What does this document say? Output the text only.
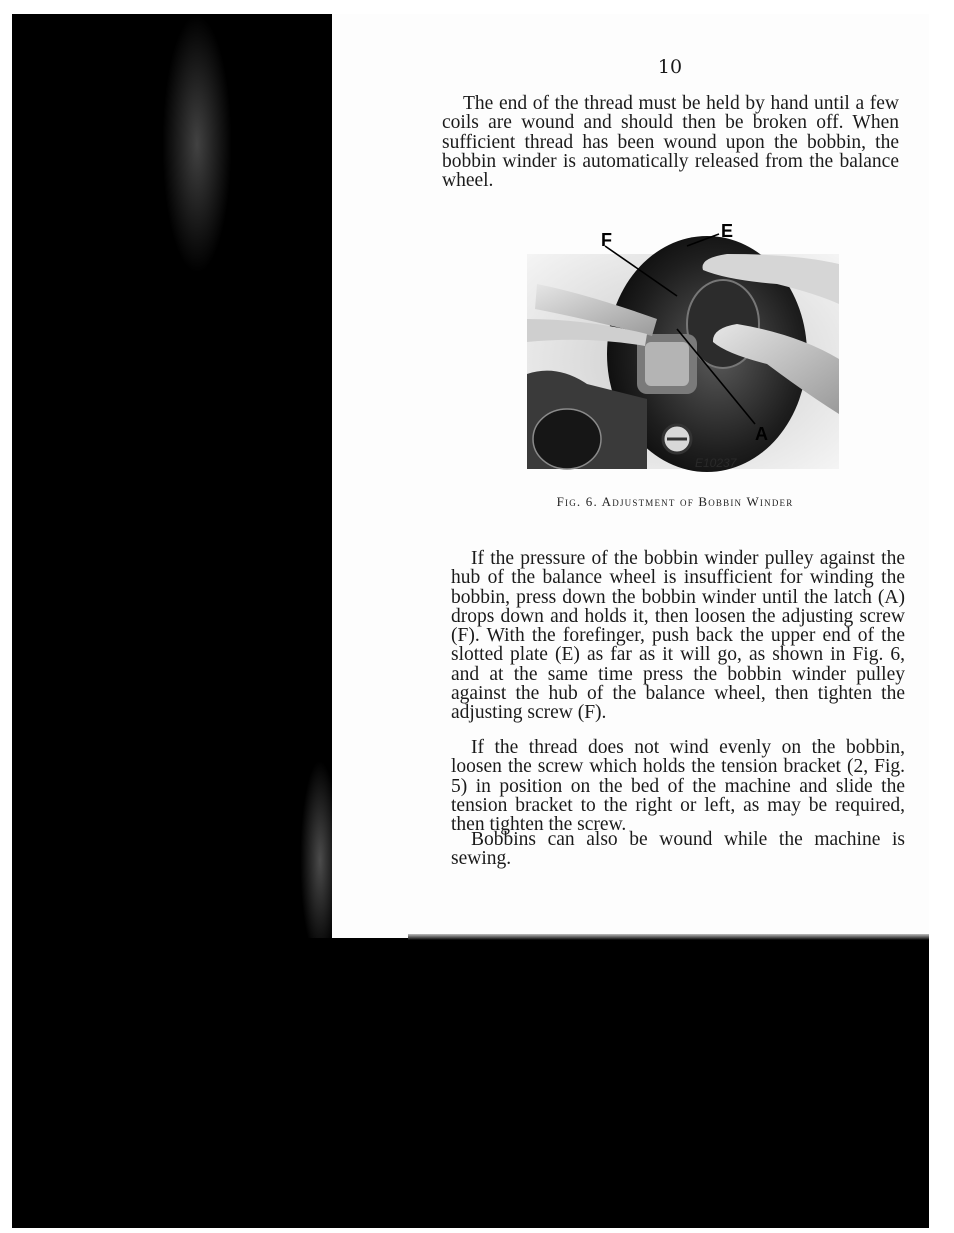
10

The end of the thread must be held by hand until a few coils are wound and should then be broken off. When sufficient thread has been wound upon the bobbin, the bobbin winder is automatically released from the balance wheel.

F	E
A
E10237
Fig. 6. Adjustment of Bobbin Winder

If the pressure of the bobbin winder pulley against the hub of the balance wheel is insufficient for winding the bobbin, press down the bobbin winder until the latch (A) drops down and holds it, then loosen the adjusting screw (F). With the forefinger, push back the upper end of the slotted plate (E) as far as it will go, as shown in Fig. 6, and at the same time press the bobbin winder pulley against the hub of the balance wheel, then tighten the adjusting screw (F).

If the thread does not wind evenly on the bobbin, loosen the screw which holds the tension bracket (2, Fig. 5) in position on the bed of the machine and slide the tension bracket to the right or left, as may be required, then tighten the screw.

Bobbins can also be wound while the machine is sewing.
